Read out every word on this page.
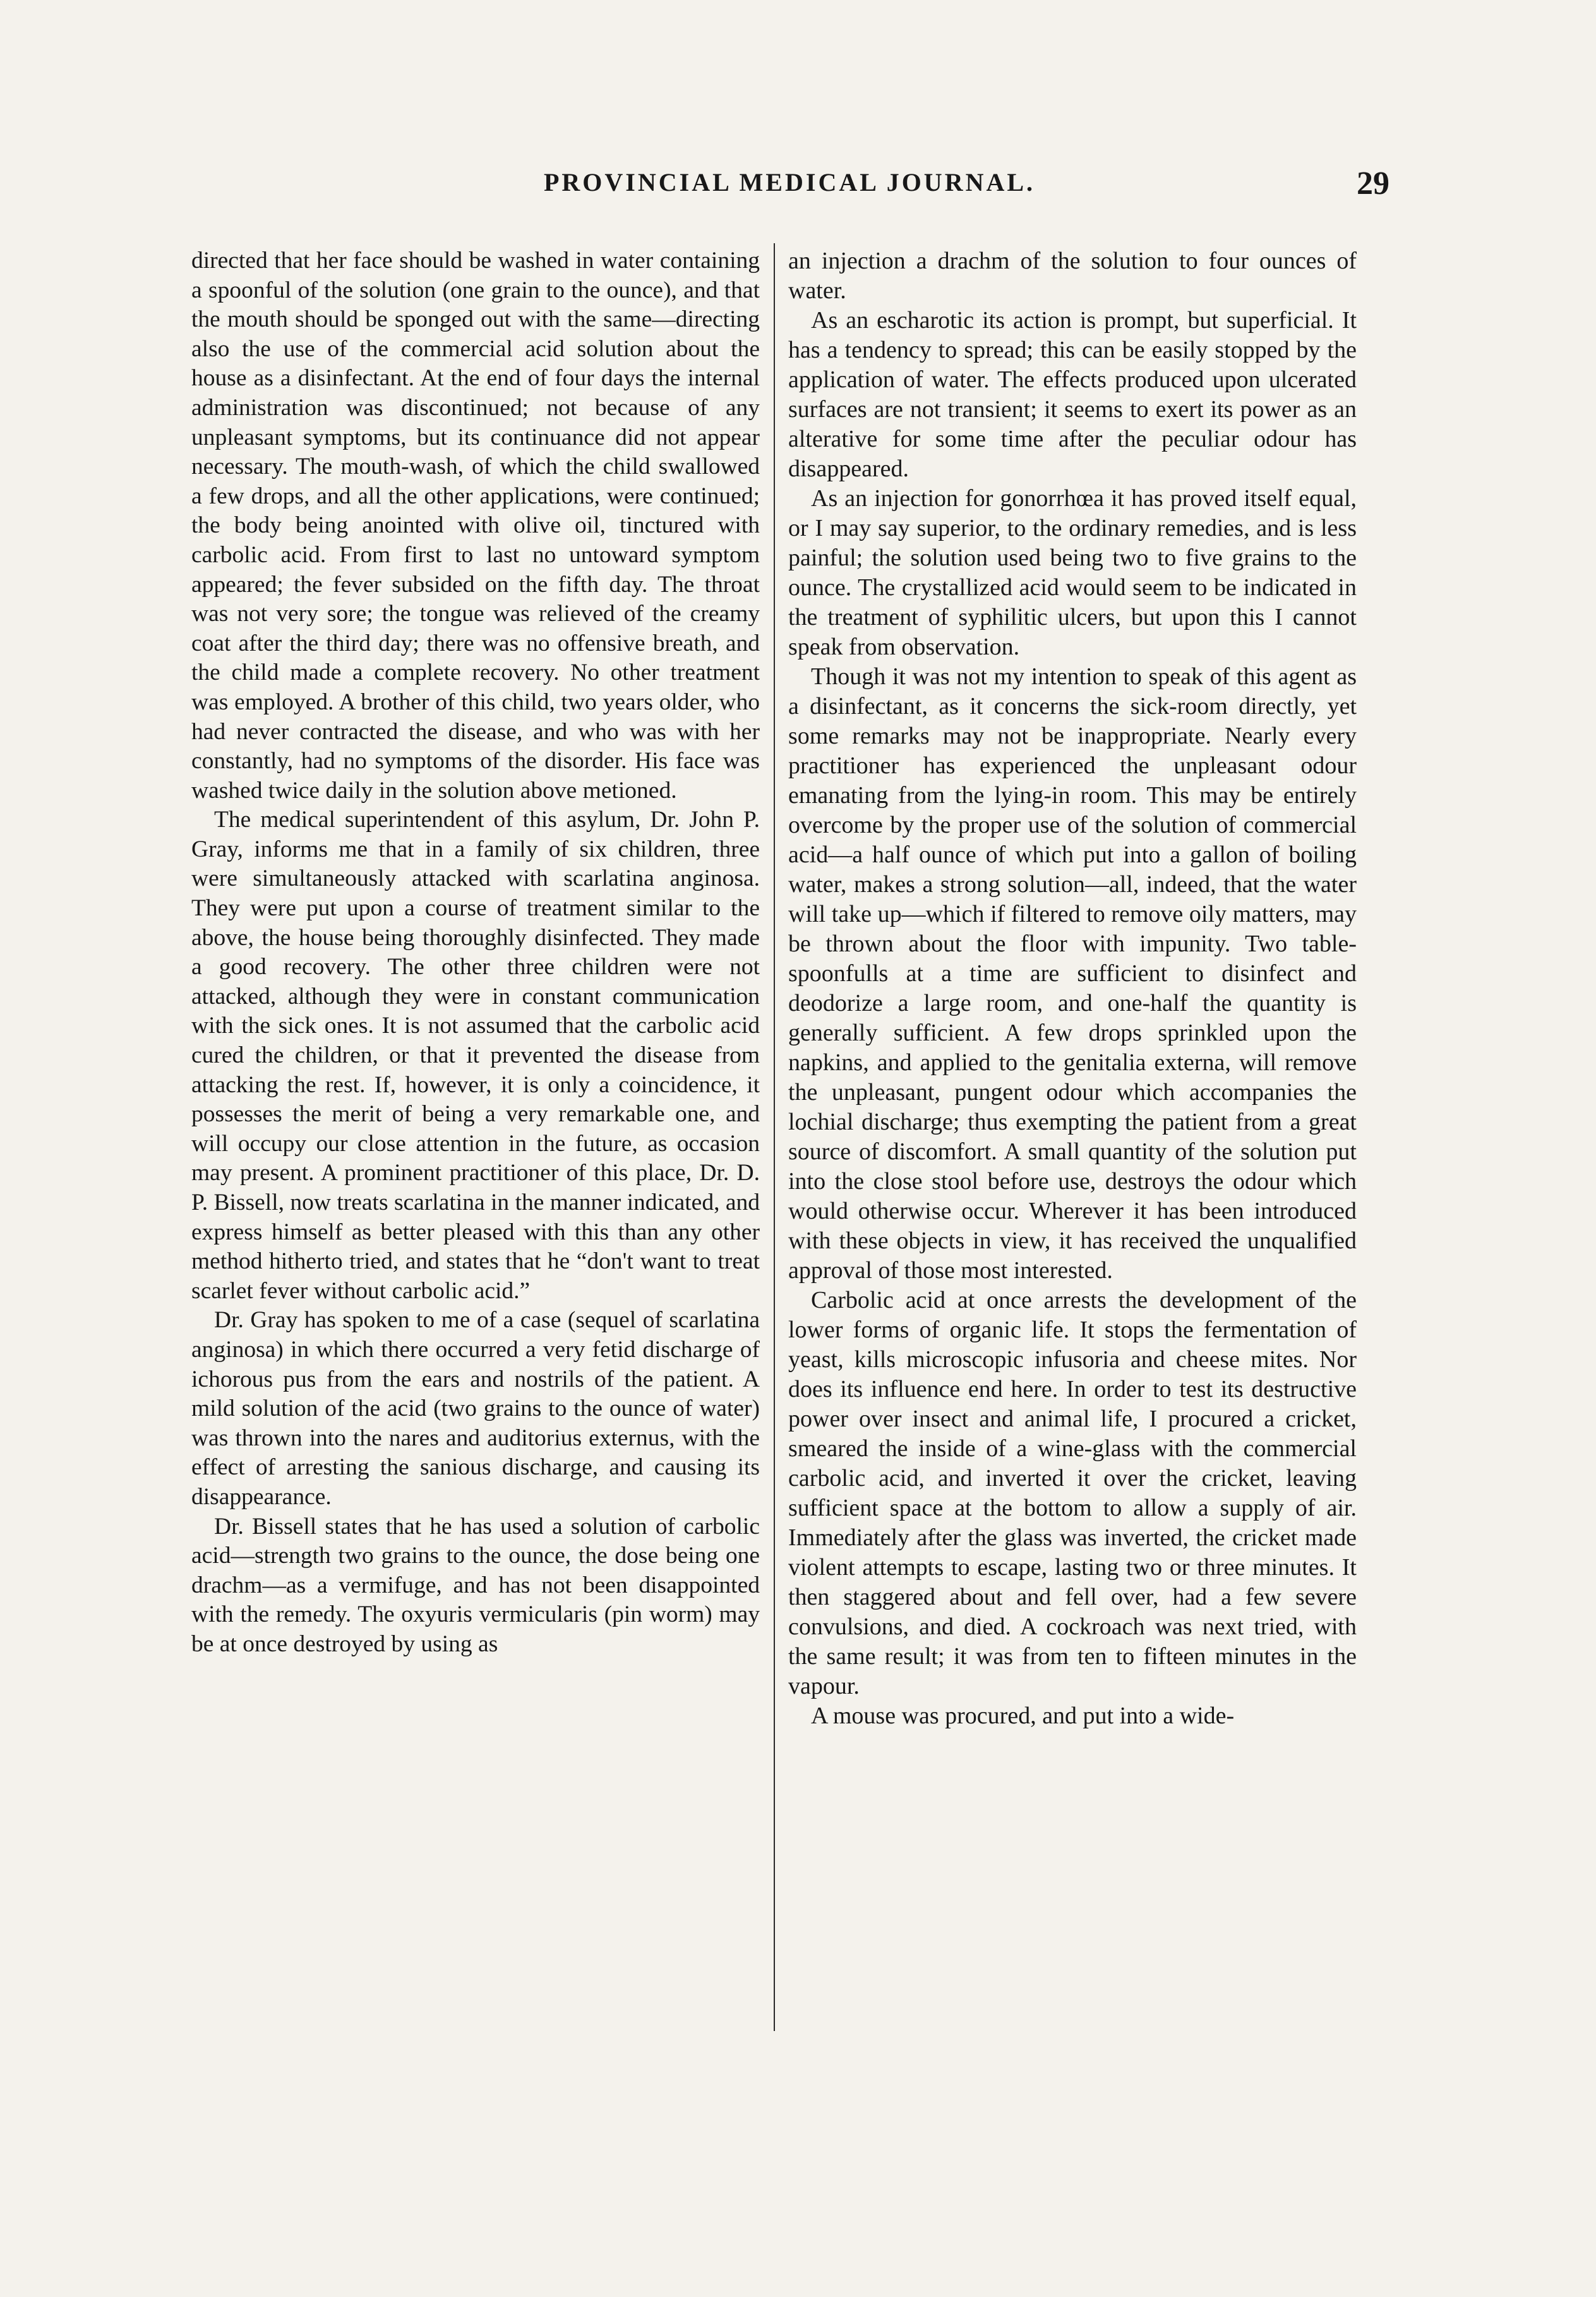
PROVINCIAL MEDICAL JOURNAL.	29

directed that her face should be washed in water containing a spoonful of the solution (one grain to the ounce), and that the mouth should be sponged out with the same—directing also the use of the commercial acid solution about the house as a disinfectant. At the end of four days the internal administration was discontinued; not because of any unpleasant symptoms, but its continuance did not appear necessary. The mouth-wash, of which the child swallowed a few drops, and all the other applications, were continued; the body being anointed with olive oil, tinctured with carbolic acid. From first to last no untoward symptom appeared; the fever subsided on the fifth day. The throat was not very sore; the tongue was relieved of the creamy coat after the third day; there was no offensive breath, and the child made a complete recovery. No other treatment was employed. A brother of this child, two years older, who had never contracted the disease, and who was with her constantly, had no symptoms of the disorder. His face was washed twice daily in the solution above metioned.

The medical superintendent of this asylum, Dr. John P. Gray, informs me that in a family of six children, three were simultaneously attacked with scarlatina anginosa. They were put upon a course of treatment similar to the above, the house being thoroughly disinfected. They made a good recovery. The other three children were not attacked, although they were in constant communication with the sick ones. It is not assumed that the carbolic acid cured the children, or that it prevented the disease from attacking the rest. If, however, it is only a coincidence, it possesses the merit of being a very remarkable one, and will occupy our close attention in the future, as occasion may present. A prominent practitioner of this place, Dr. D. P. Bissell, now treats scarlatina in the manner indicated, and express himself as better pleased with this than any other method hitherto tried, and states that he “don't want to treat scarlet fever without carbolic acid.”

Dr. Gray has spoken to me of a case (sequel of scarlatina anginosa) in which there occurred a very fetid discharge of ichorous pus from the ears and nostrils of the patient. A mild solution of the acid (two grains to the ounce of water) was thrown into the nares and auditorius externus, with the effect of arresting the sanious discharge, and causing its disappearance.

Dr. Bissell states that he has used a solution of carbolic acid—strength two grains to the ounce, the dose being one drachm—as a vermifuge, and has not been disappointed with the remedy. The oxyuris vermicularis (pin worm) may be at once destroyed by using as

an injection a drachm of the solution to four ounces of water.

As an escharotic its action is prompt, but superficial. It has a tendency to spread; this can be easily stopped by the application of water. The effects produced upon ulcerated surfaces are not transient; it seems to exert its power as an alterative for some time after the peculiar odour has disappeared.

As an injection for gonorrhœa it has proved itself equal, or I may say superior, to the ordinary remedies, and is less painful; the solution used being two to five grains to the ounce. The crystallized acid would seem to be indicated in the treatment of syphilitic ulcers, but upon this I cannot speak from observation.

Though it was not my intention to speak of this agent as a disinfectant, as it concerns the sick-room directly, yet some remarks may not be inappropriate. Nearly every practitioner has experienced the unpleasant odour emanating from the lying-in room. This may be entirely overcome by the proper use of the solution of commercial acid—a half ounce of which put into a gallon of boiling water, makes a strong solution—all, indeed, that the water will take up—which if filtered to remove oily matters, may be thrown about the floor with impunity. Two table-spoonfulls at a time are sufficient to disinfect and deodorize a large room, and one-half the quantity is generally sufficient. A few drops sprinkled upon the napkins, and applied to the genitalia externa, will remove the unpleasant, pungent odour which accompanies the lochial discharge; thus exempting the patient from a great source of discomfort. A small quantity of the solution put into the close stool before use, destroys the odour which would otherwise occur. Wherever it has been introduced with these objects in view, it has received the unqualified approval of those most interested.

Carbolic acid at once arrests the development of the lower forms of organic life. It stops the fermentation of yeast, kills microscopic infusoria and cheese mites. Nor does its influence end here. In order to test its destructive power over insect and animal life, I procured a cricket, smeared the inside of a wine-glass with the commercial carbolic acid, and inverted it over the cricket, leaving sufficient space at the bottom to allow a supply of air. Immediately after the glass was inverted, the cricket made violent attempts to escape, lasting two or three minutes. It then staggered about and fell over, had a few severe convulsions, and died. A cockroach was next tried, with the same result; it was from ten to fifteen minutes in the vapour.

A mouse was procured, and put into a wide-
